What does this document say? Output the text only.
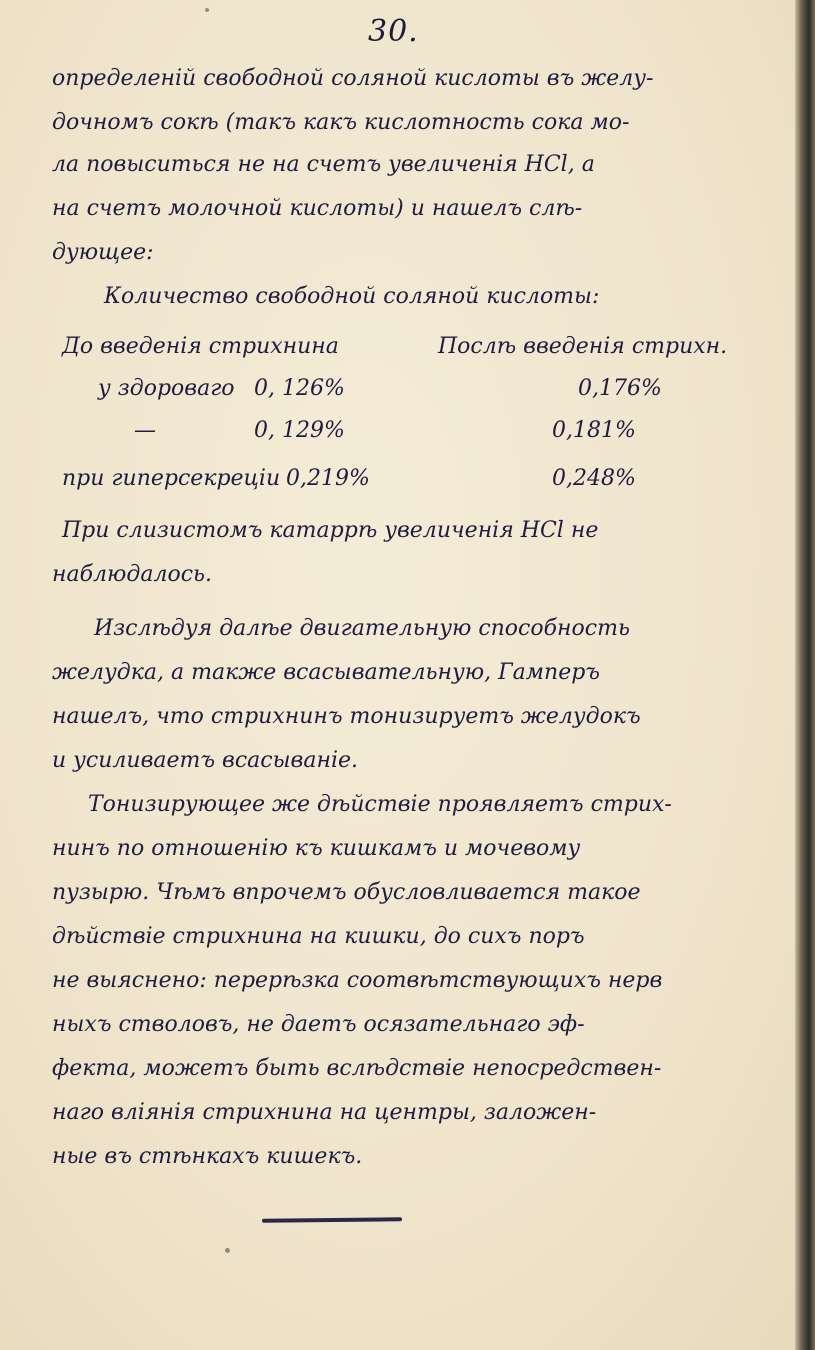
30.
определеній свободной соляной кислоты въ желу-
дочномъ сокѣ (такъ какъ кислотность сока мо-
ла повыситься не на счетъ увеличенія HCl, а
на счетъ молочной кислоты) и нашелъ слѣ-
дующее:
Количество свободной соляной кислоты:
До введенія стрихнина	Послѣ введенія стрихн.
у здороваго 0, 126%	0,176%
—	0, 129%	0,181%
при гиперсекреціи 0,219%	0,248%
При слизистомъ катаррѣ увеличенія HCl не
наблюдалось.
Изслѣдуя далѣе двигательную способность
желудка, а также всасывательную, Гамперъ
нашелъ, что стрихнинъ тонизируетъ желудокъ
и усиливаетъ всасываніе.
Тонизирующее же дѣйствіе проявляетъ стрих-
нинъ по отношенію къ кишкамъ и мочевому
пузырю. Чѣмъ впрочемъ обусловливается такое
дѣйствіе стрихнина на кишки, до сихъ поръ
не выяснено: перерѣзка соотвѣтствующихъ нерв
ныхъ стволовъ, не даетъ осязательнаго эф-
фекта, можетъ быть вслѣдствіе непосредствен-
наго вліянія стрихнина на центры, заложен-
ные въ стѣнкахъ кишекъ.
